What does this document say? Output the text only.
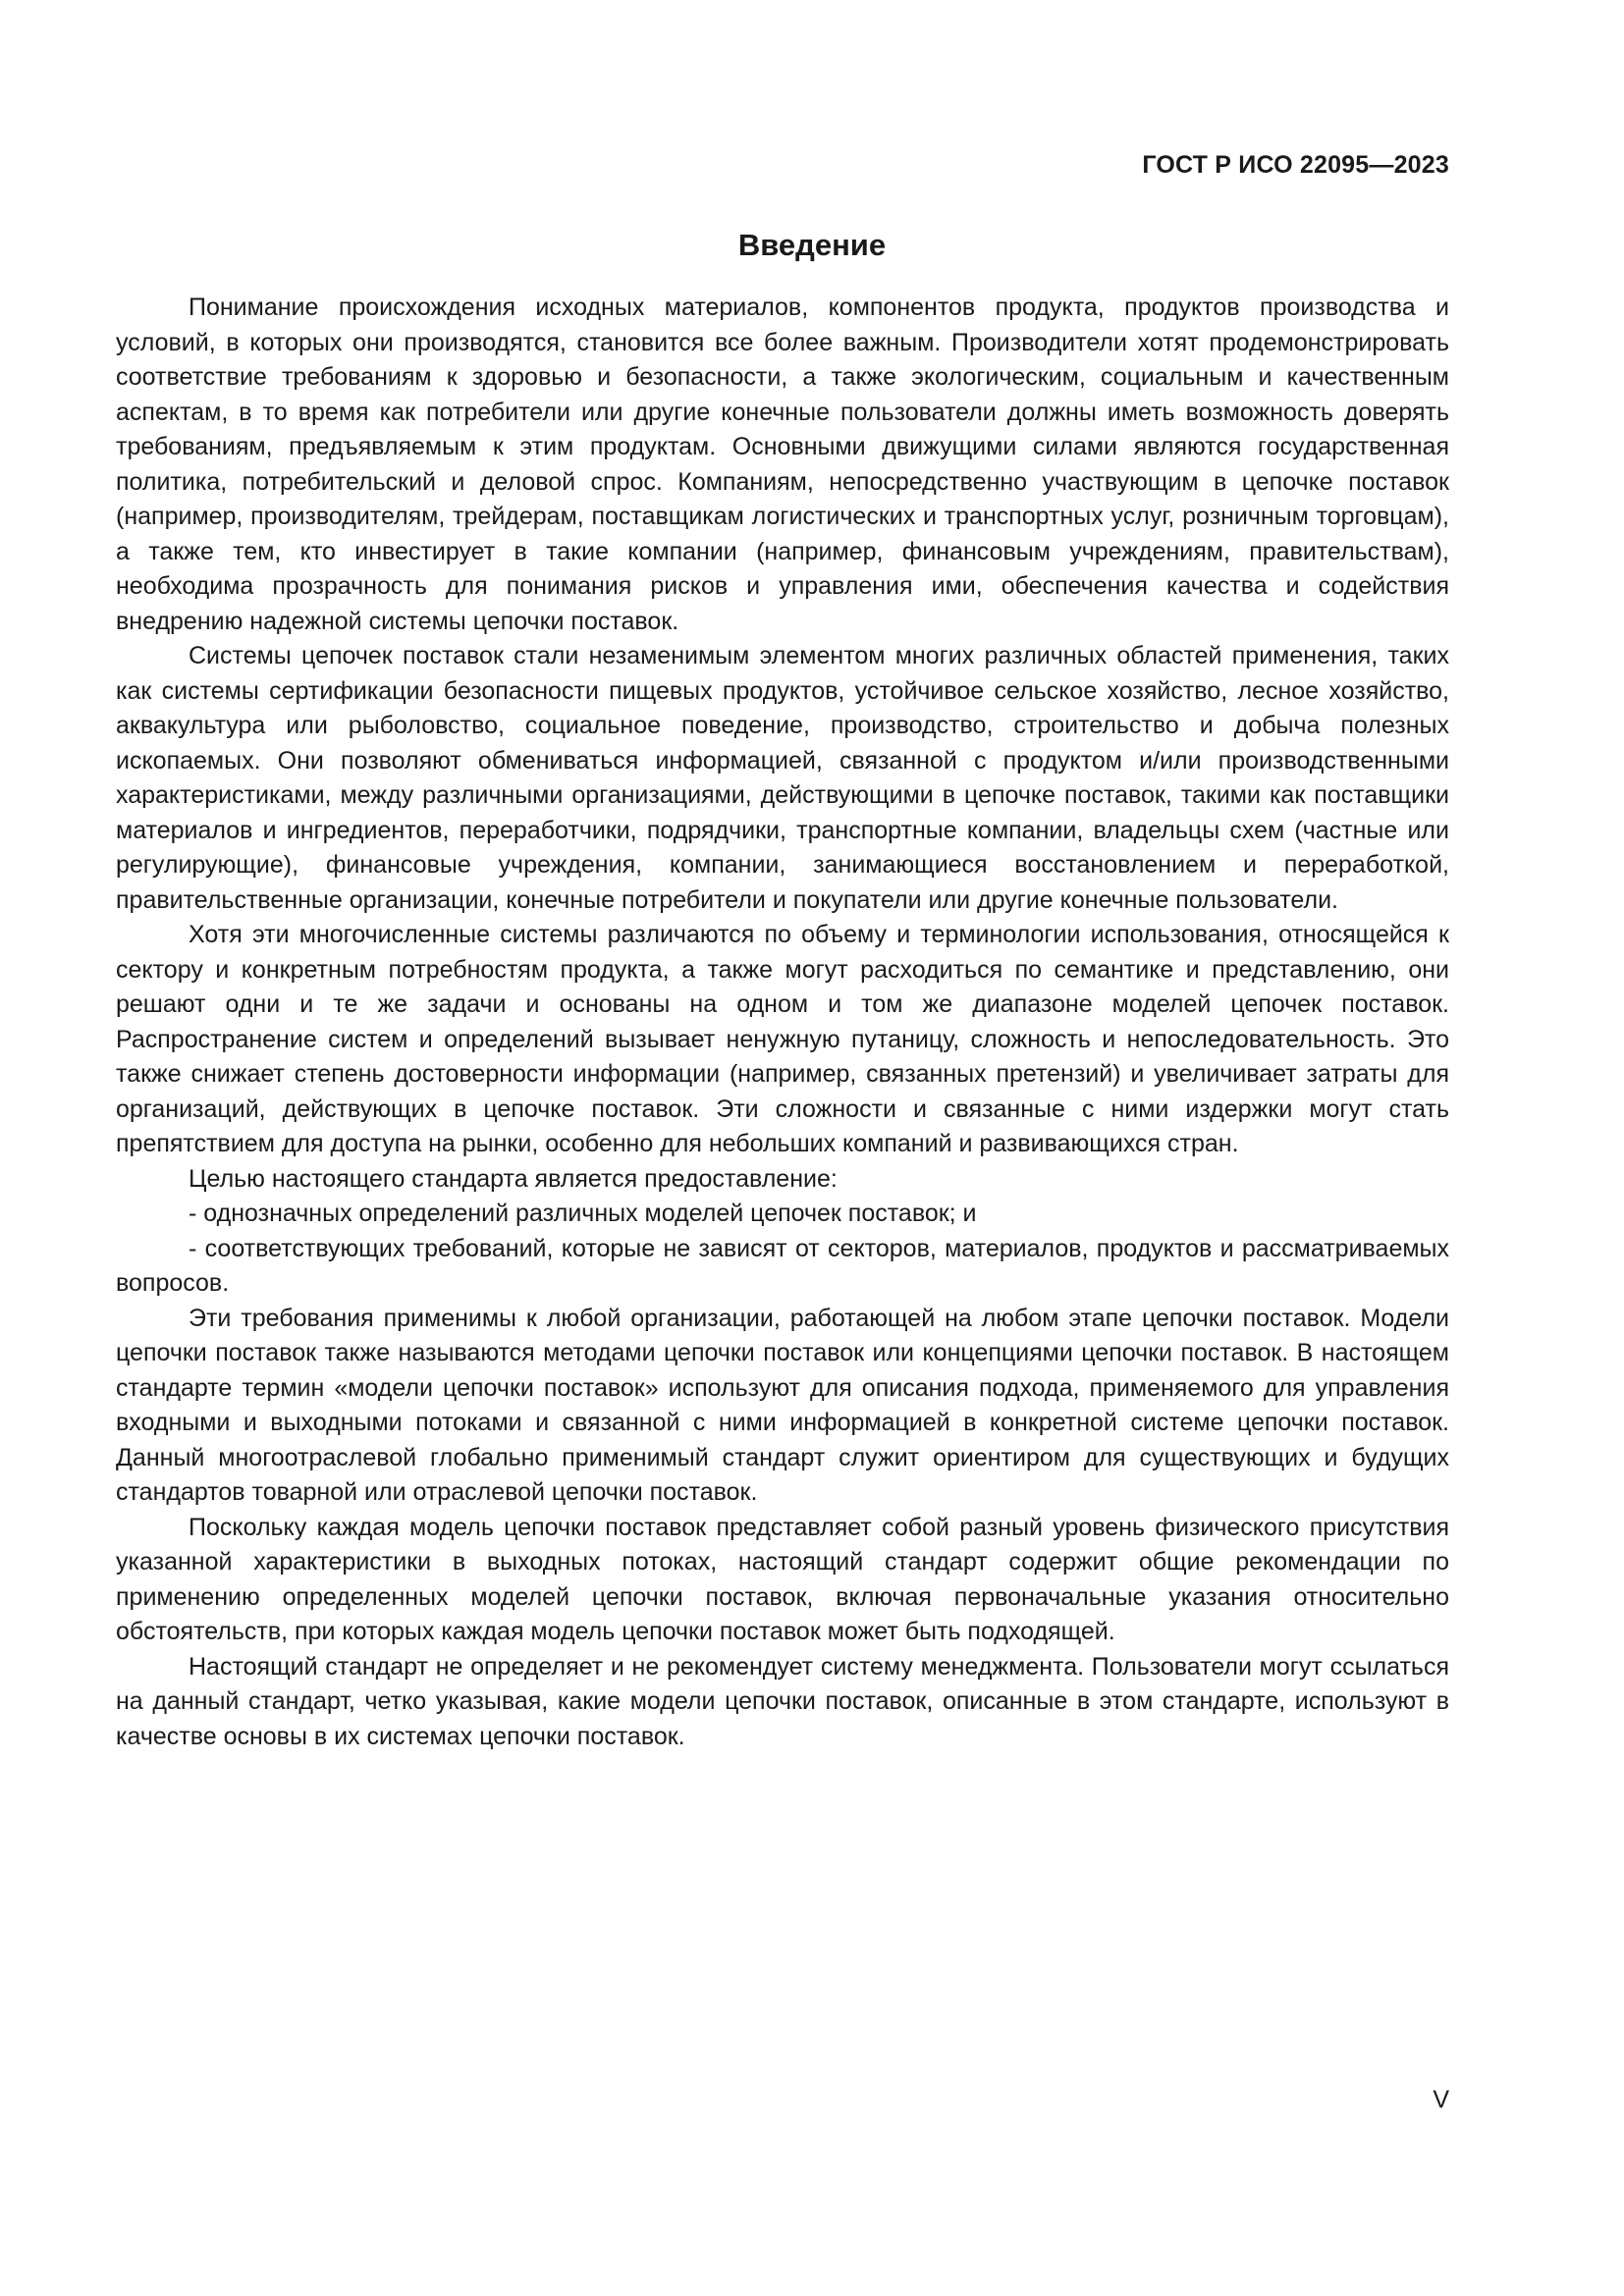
ГОСТ Р ИСО 22095—2023
Введение

Понимание происхождения исходных материалов, компонентов продукта, продуктов производства и условий, в которых они производятся, становится все более важным. Производители хотят продемонстрировать соответствие требованиям к здоровью и безопасности, а также экологическим, социальным и качественным аспектам, в то время как потребители или другие конечные пользователи должны иметь возможность доверять требованиям, предъявляемым к этим продуктам. Основными движущими силами являются государственная политика, потребительский и деловой спрос. Компаниям, непосредственно участвующим в цепочке поставок (например, производителям, трейдерам, поставщикам логистических и транспортных услуг, розничным торговцам), а также тем, кто инвестирует в такие компании (например, финансовым учреждениям, правительствам), необходима прозрачность для понимания рисков и управления ими, обеспечения качества и содействия внедрению надежной системы цепочки поставок.

Системы цепочек поставок стали незаменимым элементом многих различных областей применения, таких как системы сертификации безопасности пищевых продуктов, устойчивое сельское хозяйство, лесное хозяйство, аквакультура или рыболовство, социальное поведение, производство, строительство и добыча полезных ископаемых. Они позволяют обмениваться информацией, связанной с продуктом и/или производственными характеристиками, между различными организациями, действующими в цепочке поставок, такими как поставщики материалов и ингредиентов, переработчики, подрядчики, транспортные компании, владельцы схем (частные или регулирующие), финансовые учреждения, компании, занимающиеся восстановлением и переработкой, правительственные организации, конечные потребители и покупатели или другие конечные пользователи.

Хотя эти многочисленные системы различаются по объему и терминологии использования, относящейся к сектору и конкретным потребностям продукта, а также могут расходиться по семантике и представлению, они решают одни и те же задачи и основаны на одном и том же диапазоне моделей цепочек поставок. Распространение систем и определений вызывает ненужную путаницу, сложность и непоследовательность. Это также снижает степень достоверности информации (например, связанных претензий) и увеличивает затраты для организаций, действующих в цепочке поставок. Эти сложности и связанные с ними издержки могут стать препятствием для доступа на рынки, особенно для небольших компаний и развивающихся стран.

Целью настоящего стандарта является предоставление:

- однозначных определений различных моделей цепочек поставок; и

- соответствующих требований, которые не зависят от секторов, материалов, продуктов и рассматриваемых вопросов.

Эти требования применимы к любой организации, работающей на любом этапе цепочки поставок. Модели цепочки поставок также называются методами цепочки поставок или концепциями цепочки поставок. В настоящем стандарте термин «модели цепочки поставок» используют для описания подхода, применяемого для управления входными и выходными потоками и связанной с ними информацией в конкретной системе цепочки поставок. Данный многоотраслевой глобально применимый стандарт служит ориентиром для существующих и будущих стандартов товарной или отраслевой цепочки поставок.

Поскольку каждая модель цепочки поставок представляет собой разный уровень физического присутствия указанной характеристики в выходных потоках, настоящий стандарт содержит общие рекомендации по применению определенных моделей цепочки поставок, включая первоначальные указания относительно обстоятельств, при которых каждая модель цепочки поставок может быть подходящей.

Настоящий стандарт не определяет и не рекомендует систему менеджмента. Пользователи могут ссылаться на данный стандарт, четко указывая, какие модели цепочки поставок, описанные в этом стандарте, используют в качестве основы в их системах цепочки поставок.

V
